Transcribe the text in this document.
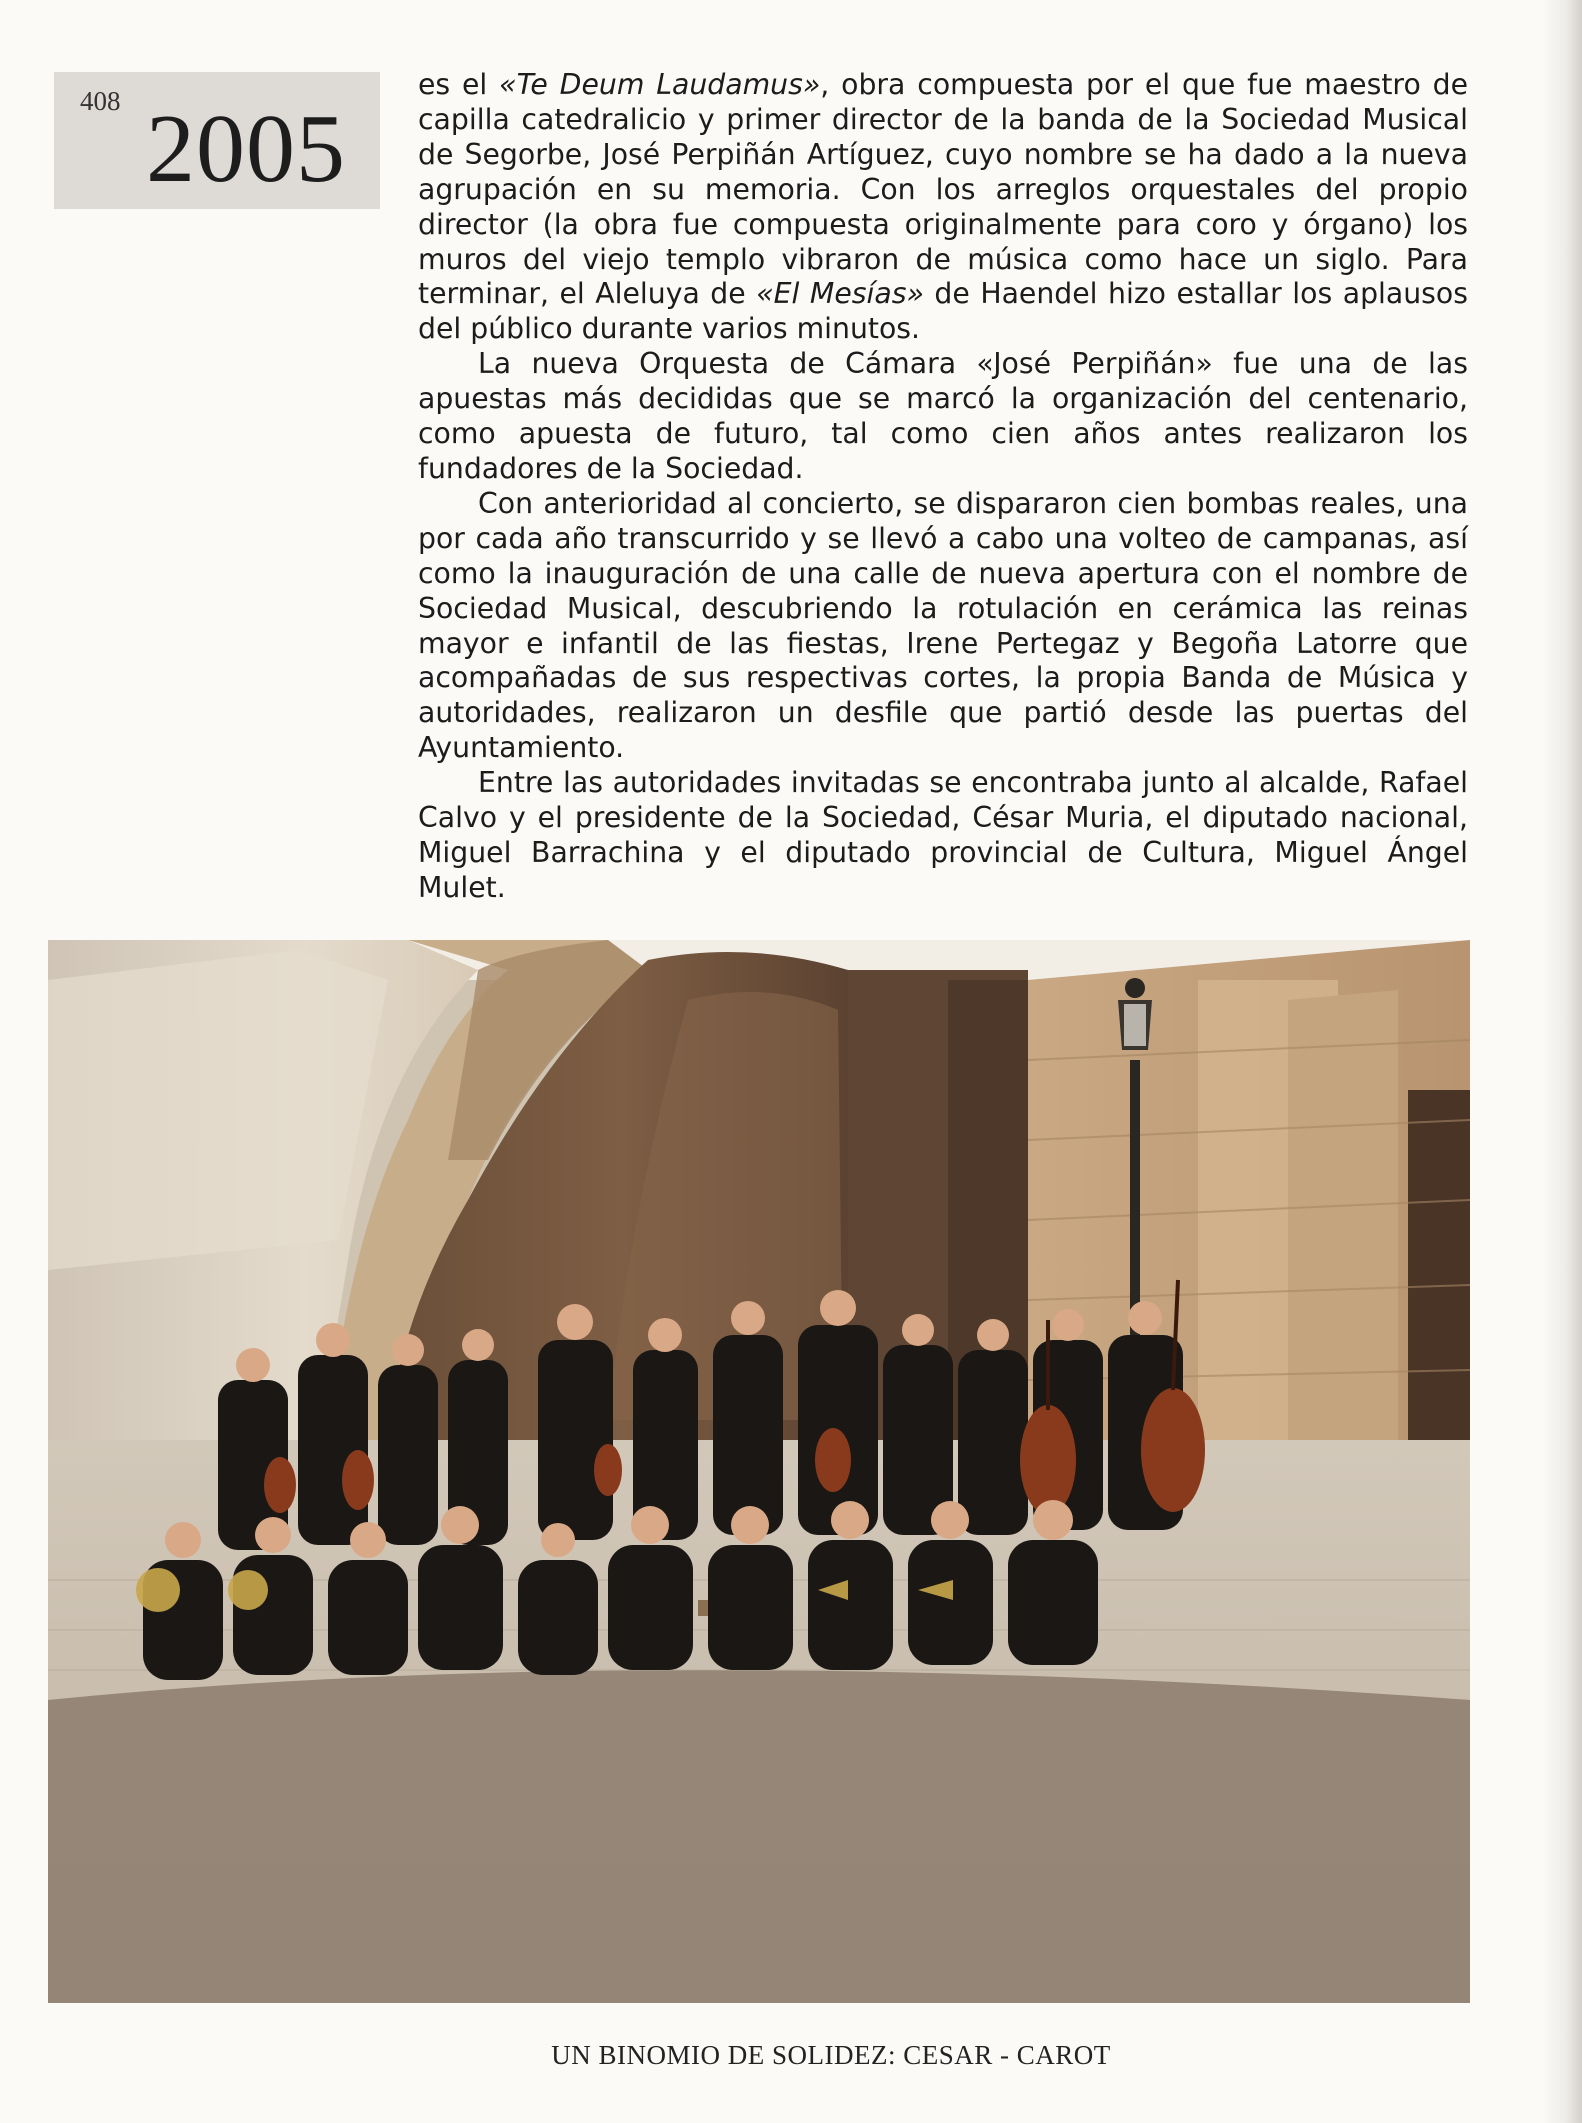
408 2005

es el «Te Deum Laudamus», obra compuesta por el que fue maestro de capilla catedralicio y primer director de la banda de la Sociedad Musical de Segorbe, José Perpiñán Artíguez, cuyo nombre se ha dado a la nueva agrupación en su memoria. Con los arreglos orquestales del propio director (la obra fue compuesta originalmente para coro y órgano) los muros del viejo templo vibraron de música como hace un siglo. Para terminar, el Aleluya de «El Mesías» de Haendel hizo estallar los aplausos del público durante varios minutos.

La nueva Orquesta de Cámara «José Perpiñán» fue una de las apuestas más decididas que se marcó la organización del centenario, como apuesta de futuro, tal como cien años antes realizaron los fundadores de la Sociedad.

Con anterioridad al concierto, se dispararon cien bombas reales, una por cada año transcurrido y se llevó a cabo una volteo de campanas, así como la inauguración de una calle de nueva apertura con el nombre de Sociedad Musical, descubriendo la rotulación en cerámica las reinas mayor e infantil de las fiestas, Irene Pertegaz y Begoña Latorre que acompañadas de sus respectivas cortes, la propia Banda de Música y autoridades, realizaron un desfile que partió desde las puertas del Ayuntamiento.

Entre las autoridades invitadas se encontraba junto al alcalde, Rafael Calvo y el presidente de la Sociedad, César Muria, el diputado nacional, Miguel Barrachina y el diputado provincial de Cultura, Miguel Ángel Mulet.

UN BINOMIO DE SOLIDEZ: CESAR - CAROT
